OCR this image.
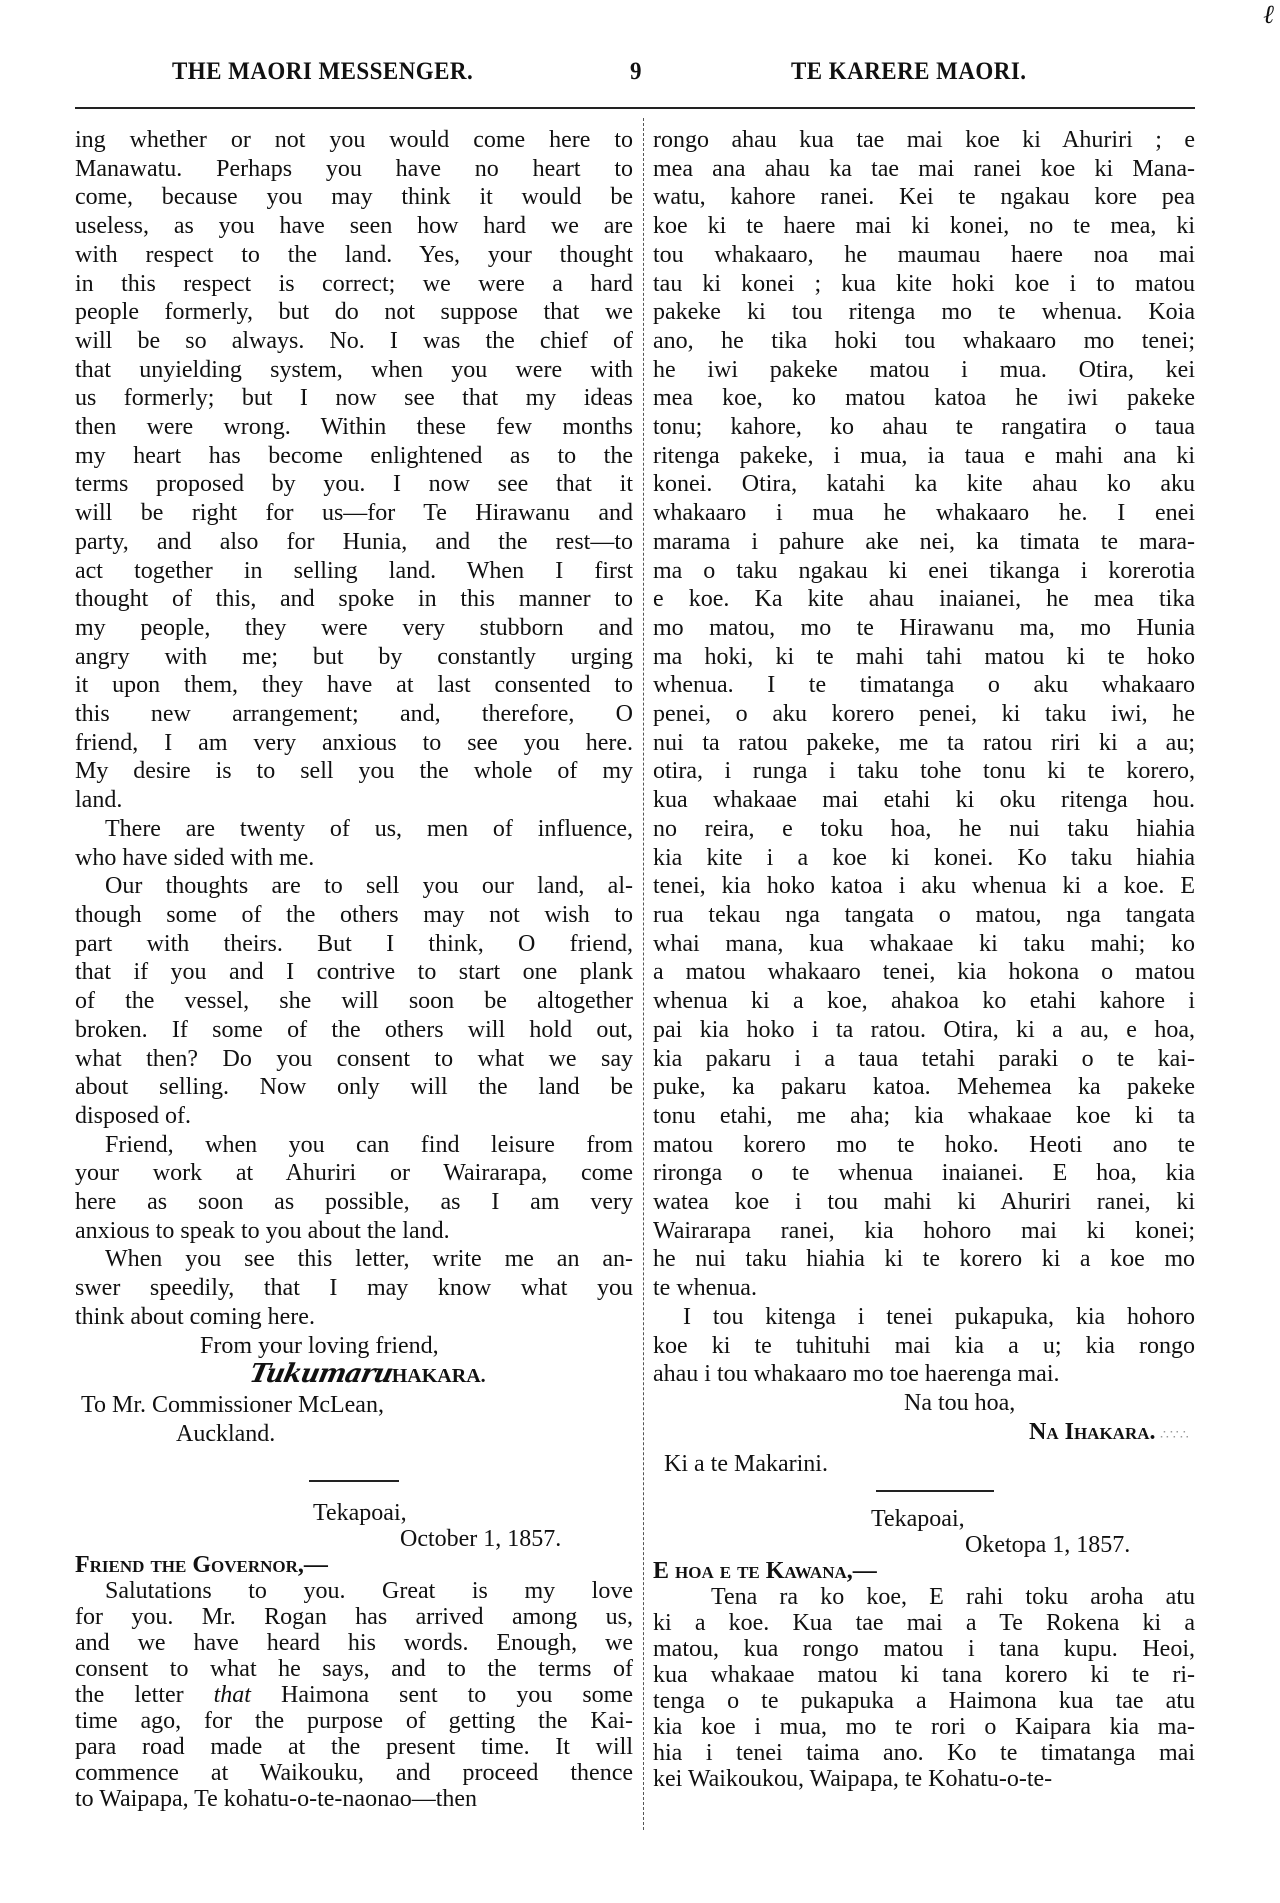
ℓ
THE MAORI MESSENGER.	9	TE KARERE MAORI.
ing whether or not you would come here to
Manawatu. Perhaps you have no heart to
come, because you may think it would be
useless, as you have seen how hard we are
with respect to the land. Yes, your thought
in this respect is correct; we were a hard
people formerly, but do not suppose that we
will be so always. No. I was the chief of
that unyielding system, when you were with
us formerly; but I now see that my ideas
then were wrong. Within these few months
my heart has become enlightened as to the
terms proposed by you. I now see that it
will be right for us—for Te Hirawanu and
party, and also for Hunia, and the rest—to
act together in selling land. When I first
thought of this, and spoke in this manner to
my people, they were very stubborn and
angry with me; but by constantly urging
it upon them, they have at last consented to
this new arrangement; and, therefore, O
friend, I am very anxious to see you here.
My desire is to sell you the whole of my
land.
There are twenty of us, men of influence,
who have sided with me.
Our thoughts are to sell you our land, al-
though some of the others may not wish to
part with theirs. But I think, O friend,
that if you and I contrive to start one plank
of the vessel, she will soon be altogether
broken. If some of the others will hold out,
what then? Do you consent to what we say
about selling. Now only will the land be
disposed of.
Friend, when you can find leisure from
your work at Ahuriri or Wairarapa, come
here as soon as possible, as I am very
anxious to speak to you about the land.
When you see this letter, write me an an-
swer speedily, that I may know what you
think about coming here.
From your loving friend,
TukumaruHAKARA.
To Mr. Commissioner McLean,
Auckland.
Tekapoai,
October 1, 1857.
Friend the Governor,—
Salutations to you. Great is my love
for you. Mr. Rogan has arrived among us,
and we have heard his words. Enough, we
consent to what he says, and to the terms of
the letter that Haimona sent to you some
time ago, for the purpose of getting the Kai-
para road made at the present time. It will
commence at Waikouku, and proceed thence
to Waipapa, Te kohatu-o-te-naonao—then
rongo ahau kua tae mai koe ki Ahuriri ; e
mea ana ahau ka tae mai ranei koe ki Mana-
watu, kahore ranei. Kei te ngakau kore pea
koe ki te haere mai ki konei, no te mea, ki
tou whakaaro, he maumau haere noa mai
tau ki konei ; kua kite hoki koe i to matou
pakeke ki tou ritenga mo te whenua. Koia
ano, he tika hoki tou whakaaro mo tenei;
he iwi pakeke matou i mua. Otira, kei
mea koe, ko matou katoa he iwi pakeke
tonu; kahore, ko ahau te rangatira o taua
ritenga pakeke, i mua, ia taua e mahi ana ki
konei. Otira, katahi ka kite ahau ko aku
whakaaro i mua he whakaaro he. I enei
marama i pahure ake nei, ka timata te mara-
ma o taku ngakau ki enei tikanga i korerotia
e koe. Ka kite ahau inaianei, he mea tika
mo matou, mo te Hirawanu ma, mo Hunia
ma hoki, ki te mahi tahi matou ki te hoko
whenua. I te timatanga o aku whakaaro
penei, o aku korero penei, ki taku iwi, he
nui ta ratou pakeke, me ta ratou riri ki a au;
otira, i runga i taku tohe tonu ki te korero,
kua whakaae mai etahi ki oku ritenga hou.
no reira, e toku hoa, he nui taku hiahia
kia kite i a koe ki konei. Ko taku hiahia
tenei, kia hoko katoa i aku whenua ki a koe. E
rua tekau nga tangata o matou, nga tangata
whai mana, kua whakaae ki taku mahi; ko
a matou whakaaro tenei, kia hokona o matou
whenua ki a koe, ahakoa ko etahi kahore i
pai kia hoko i ta ratou. Otira, ki a au, e hoa,
kia pakaru i a taua tetahi paraki o te kai-
puke, ka pakaru katoa. Mehemea ka pakeke
tonu etahi, me aha; kia whakaae koe ki ta
matou korero mo te hoko. Heoti ano te
rironga o te whenua inaianei. E hoa, kia
watea koe i tou mahi ki Ahuriri ranei, ki
Wairarapa ranei, kia hohoro mai ki konei;
he nui taku hiahia ki te korero ki a koe mo
te whenua.
I tou kitenga i tenei pukapuka, kia hohoro
koe ki te tuhituhi mai kia a u; kia rongo
ahau i tou whakaaro mo toe haerenga mai.
Na tou hoa,
Na Ihakara. ∴∵∴
Ki a te Makarini.
Tekapoai,
Oketopa 1, 1857.
E hoa e te Kawana,—
Tena ra ko koe, E rahi toku aroha atu
ki a koe. Kua tae mai a Te Rokena ki a
matou, kua rongo matou i tana kupu. Heoi,
kua whakaae matou ki tana korero ki te ri-
tenga o te pukapuka a Haimona kua tae atu
kia koe i mua, mo te rori o Kaipara kia ma-
hia i tenei taima ano. Ko te timatanga mai
kei Waikoukou, Waipapa, te Kohatu-o-te-
